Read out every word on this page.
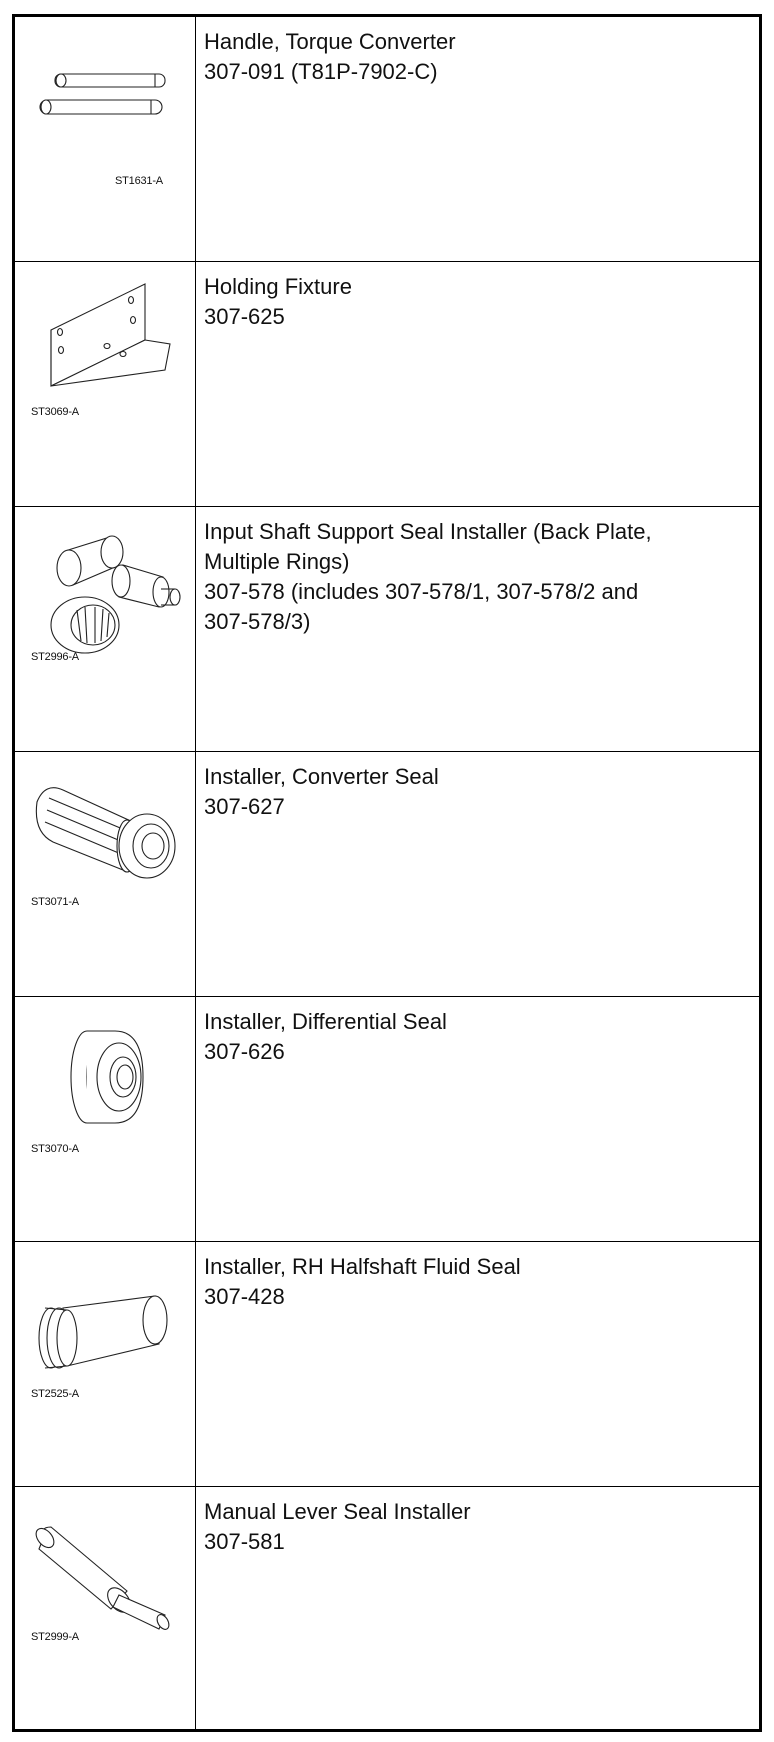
ST1631-A
Handle, Torque Converter
307-091 (T81P-7902-C)
ST3069-A
Holding Fixture
307-625
ST2996-A
Input Shaft Support Seal Installer (Back Plate,
Multiple Rings)
307-578 (includes 307-578/1, 307-578/2 and
307-578/3)
ST3071-A
Installer, Converter Seal
307-627
ST3070-A
Installer, Differential Seal
307-626
ST2525-A
Installer, RH Halfshaft Fluid Seal
307-428
ST2999-A
Manual Lever Seal Installer
307-581
